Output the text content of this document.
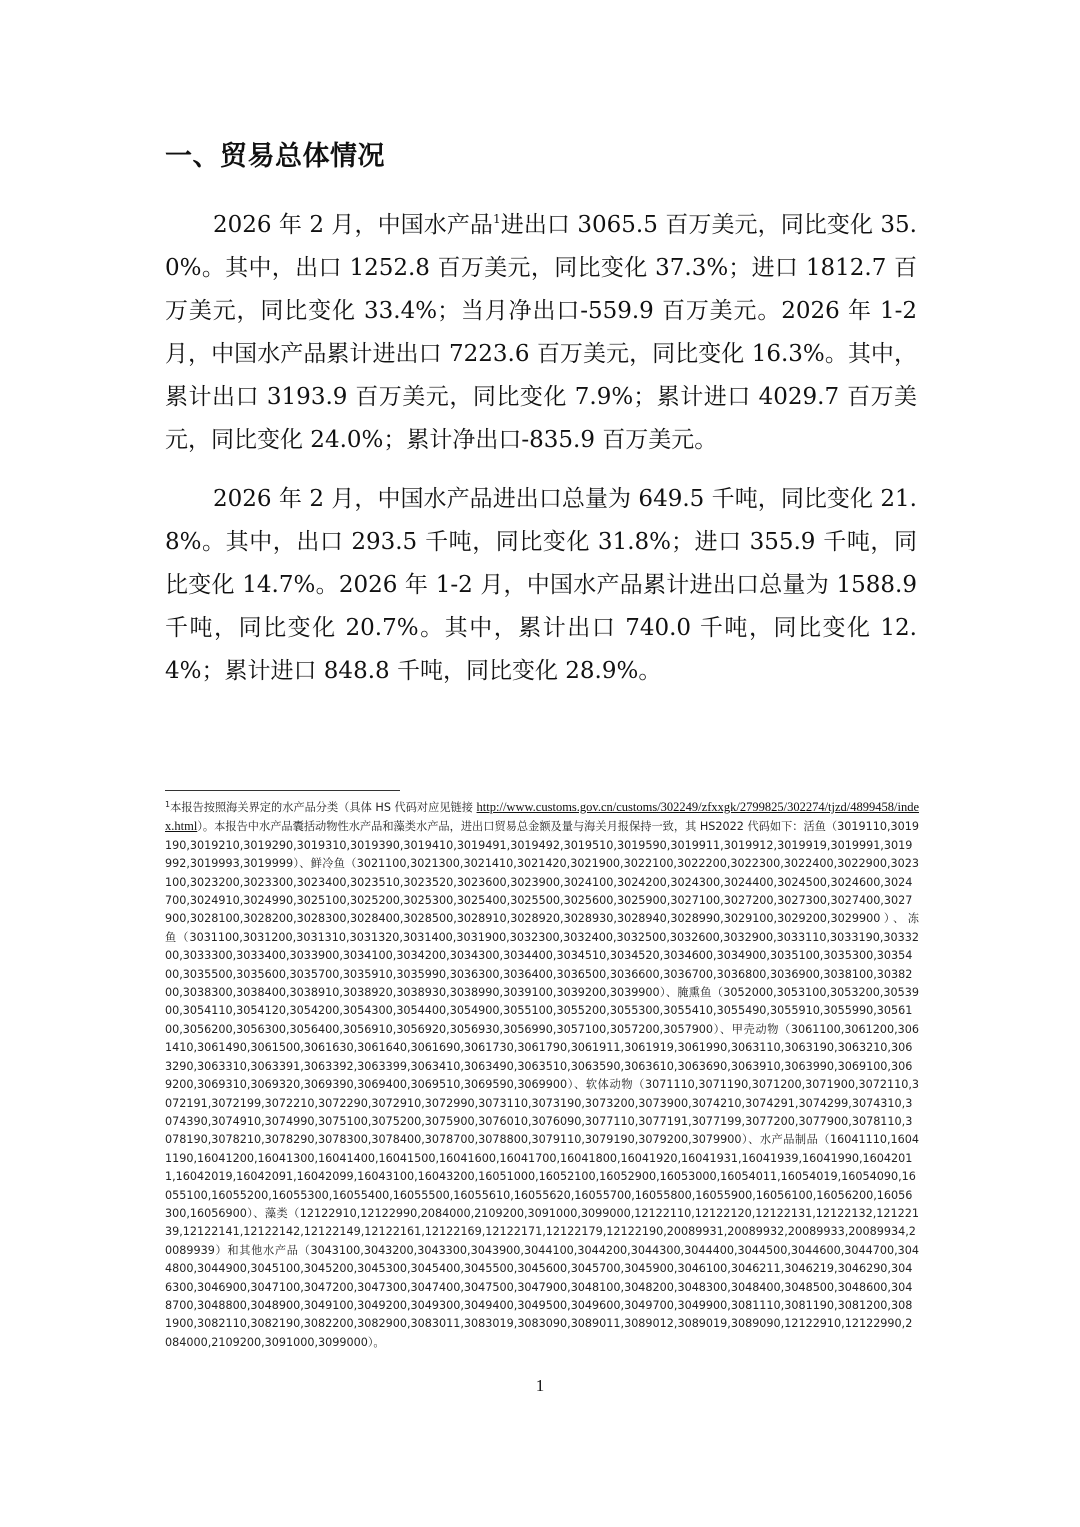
一、贸易总体情况

2026 年 2 月，中国水产品$^1$进出口 3065.5 百万美元，同比变化 35.0%。其中，出口 1252.8 百万美元，同比变化 37.3%；进口 1812.7 百万美元，同比变化 33.4%；当月净出口-559.9 百万美元。2026 年 1-2 月，中国水产品累计进出口 7223.6 百万美元，同比变化 16.3%。其中，累计出口 3193.9 百万美元，同比变化 7.9%；累计进口 4029.7 百万美元，同比变化 24.0%；累计净出口-835.9 百万美元。

2026 年 2 月，中国水产品进出口总量为 649.5 千吨，同比变化 21.8%。其中，出口 293.5 千吨，同比变化 31.8%；进口 355.9 千吨，同比变化 14.7%。2026 年 1-2 月，中国水产品累计进出口总量为 1588.9 千吨，同比变化 20.7%。其中，累计出口 740.0 千吨，同比变化 12.4%；累计进口 848.8 千吨，同比变化 28.9%。

$^1$本报告按照海关界定的水产品分类（具体 HS 代码对应见链接 http://www.customs.gov.cn/customs/302249/zfxxgk/2799825/302274/tjzd/4899458/index.html）。本报告中水产品囊括动物性水产品和藻类水产品，进出口贸易总金额及量与海关月报保持一致，其 HS2022 代码如下：活鱼（3019110,3019190,3019210,3019290,3019310,3019390,3019410,3019491,3019492,3019510,3019590,3019911,3019912,3019919,3019991,3019992,3019993,3019999）、鲜冷鱼（3021100,3021300,3021410,3021420,3021900,3022100,3022200,3022300,3022400,3022900,3023100,3023200,3023300,3023400,3023510,3023520,3023600,3023900,3024100,3024200,3024300,3024400,3024500,3024600,3024700,3024910,3024990,3025100,3025200,3025300,3025400,3025500,3025600,3025900,3027100,3027200,3027300,3027400,3027900,3028100,3028200,3028300,3028400,3028500,3028910,3028920,3028930,3028940,3028990,3029100,3029200,3029900）、冻鱼（3031100,3031200,3031310,3031320,3031400,3031900,3032300,3032400,3032500,3032600,3032900,3033110,3033190,3033200,3033300,3033400,3033900,3034100,3034200,3034300,3034400,3034510,3034520,3034600,3034900,3035100,3035300,3035400,3035500,3035600,3035700,3035910,3035990,3036300,3036400,3036500,3036600,3036700,3036800,3036900,3038100,3038200,3038300,3038400,3038910,3038920,3038930,3038990,3039100,3039200,3039900）、腌熏鱼（3052000,3053100,3053200,3053900,3054110,3054120,3054200,3054300,3054400,3054900,3055100,3055200,3055300,3055410,3055490,3055910,3055990,3056100,3056200,3056300,3056400,3056910,3056920,3056930,3056990,3057100,3057200,3057900）、甲壳动物（3061100,3061200,3061410,3061490,3061500,3061630,3061640,3061690,3061730,3061790,3061911,3061919,3061990,3063110,3063190,3063210,3063290,3063310,3063391,3063392,3063399,3063410,3063490,3063510,3063590,3063610,3063690,3063910,3063990,3069100,3069200,3069310,3069320,3069390,3069400,3069510,3069590,3069900）、软体动物（3071110,3071190,3071200,3071900,3072110,3072191,3072199,3072210,3072290,3072910,3072990,3073110,3073190,3073200,3073900,3074210,3074291,3074299,3074310,3074390,3074910,3074990,3075100,3075200,3075900,3076010,3076090,3077110,3077191,3077199,3077200,3077900,3078110,3078190,3078210,3078290,3078300,3078400,3078700,3078800,3079110,3079190,3079200,3079900）、水产品制品（16041110,16041190,16041200,16041300,16041400,16041500,16041600,16041700,16041800,16041920,16041931,16041939,16041990,16042011,16042019,16042091,16042099,16043100,16043200,16051000,16052100,16052900,16053000,16054011,16054019,16054090,16055100,16055200,16055300,16055400,16055500,16055610,16055620,16055700,16055800,16055900,16056100,16056200,16056300,16056900）、藻类（12122910,12122990,2084000,2109200,3091000,3099000,12122110,12122120,12122131,12122132,12122139,12122141,12122142,12122149,12122161,12122169,12122171,12122179,12122190,20089931,20089932,20089933,20089934,20089939）和其他水产品（3043100,3043200,3043300,3043900,3044100,3044200,3044300,3044400,3044500,3044600,3044700,3044800,3044900,3045100,3045200,3045300,3045400,3045500,3045600,3045700,3045900,3046100,3046211,3046219,3046290,3046300,3046900,3047100,3047200,3047300,3047400,3047500,3047900,3048100,3048200,3048300,3048400,3048500,3048600,3048700,3048800,3048900,3049100,3049200,3049300,3049400,3049500,3049600,3049700,3049900,3081110,3081190,3081200,3081900,3082110,3082190,3082200,3082900,3083011,3083019,3083090,3089011,3089012,3089019,3089090,12122910,12122990,2084000,2109200,3091000,3099000）。

1
